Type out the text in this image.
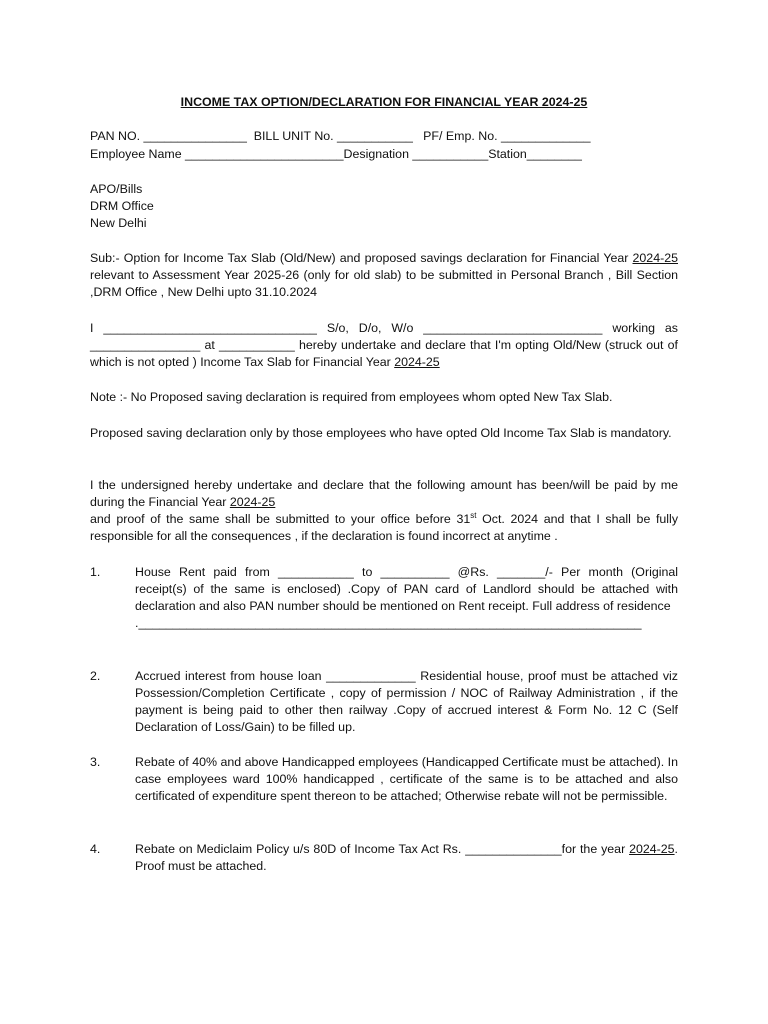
INCOME TAX OPTION/DECLARATION FOR FINANCIAL YEAR 2024-25
PAN NO. _______________  BILL UNIT No. ___________   PF/ Emp. No. _____________
Employee Name _______________________Designation ___________Station________
APO/Bills
DRM Office
New Delhi

Sub:- Option for Income Tax Slab (Old/New) and proposed savings declaration for Financial Year 2024-25 relevant to Assessment Year 2025-26 (only for old slab) to be submitted in Personal Branch , Bill Section ,DRM Office , New Delhi upto 31.10.2024

I _______________________________ S/o, D/o, W/o __________________________ working as ________________ at ___________ hereby undertake and declare that I'm opting Old/New (struck out of which is not opted ) Income Tax Slab for Financial Year 2024-25

Note :- No Proposed saving declaration is required from employees whom opted New Tax Slab.

Proposed saving declaration only by those employees who have opted Old Income Tax Slab is mandatory.

I the undersigned hereby undertake and declare that the following amount has been/will be paid by me during the Financial Year 2024-25
and proof of the same shall be submitted to your office before 31st Oct. 2024 and that I shall be fully responsible for all the consequences , if the declaration is found incorrect at anytime .

1.	House Rent paid from ___________ to __________ @Rs. _______/- Per month (Original receipt(s) of the same is enclosed) .Copy of PAN card of Landlord should be attached with declaration and also PAN number should be mentioned on Rent receipt. Full address of residence
._________________________________________________________________________
2.	Accrued interest from house loan _____________ Residential house, proof must be attached viz Possession/Completion Certificate , copy of permission / NOC of Railway Administration , if the payment is being paid to other then railway .Copy of accrued interest & Form No. 12 C (Self Declaration of Loss/Gain) to be filled up.
3.	Rebate of 40% and above Handicapped employees (Handicapped Certificate must be attached). In case employees ward 100% handicapped , certificate of the same is to be attached and also certificated of expenditure spent thereon to be attached; Otherwise rebate will not be permissible.
4.	Rebate on Mediclaim Policy u/s 80D of Income Tax Act Rs. ______________for the year 2024-25. Proof must be attached.
